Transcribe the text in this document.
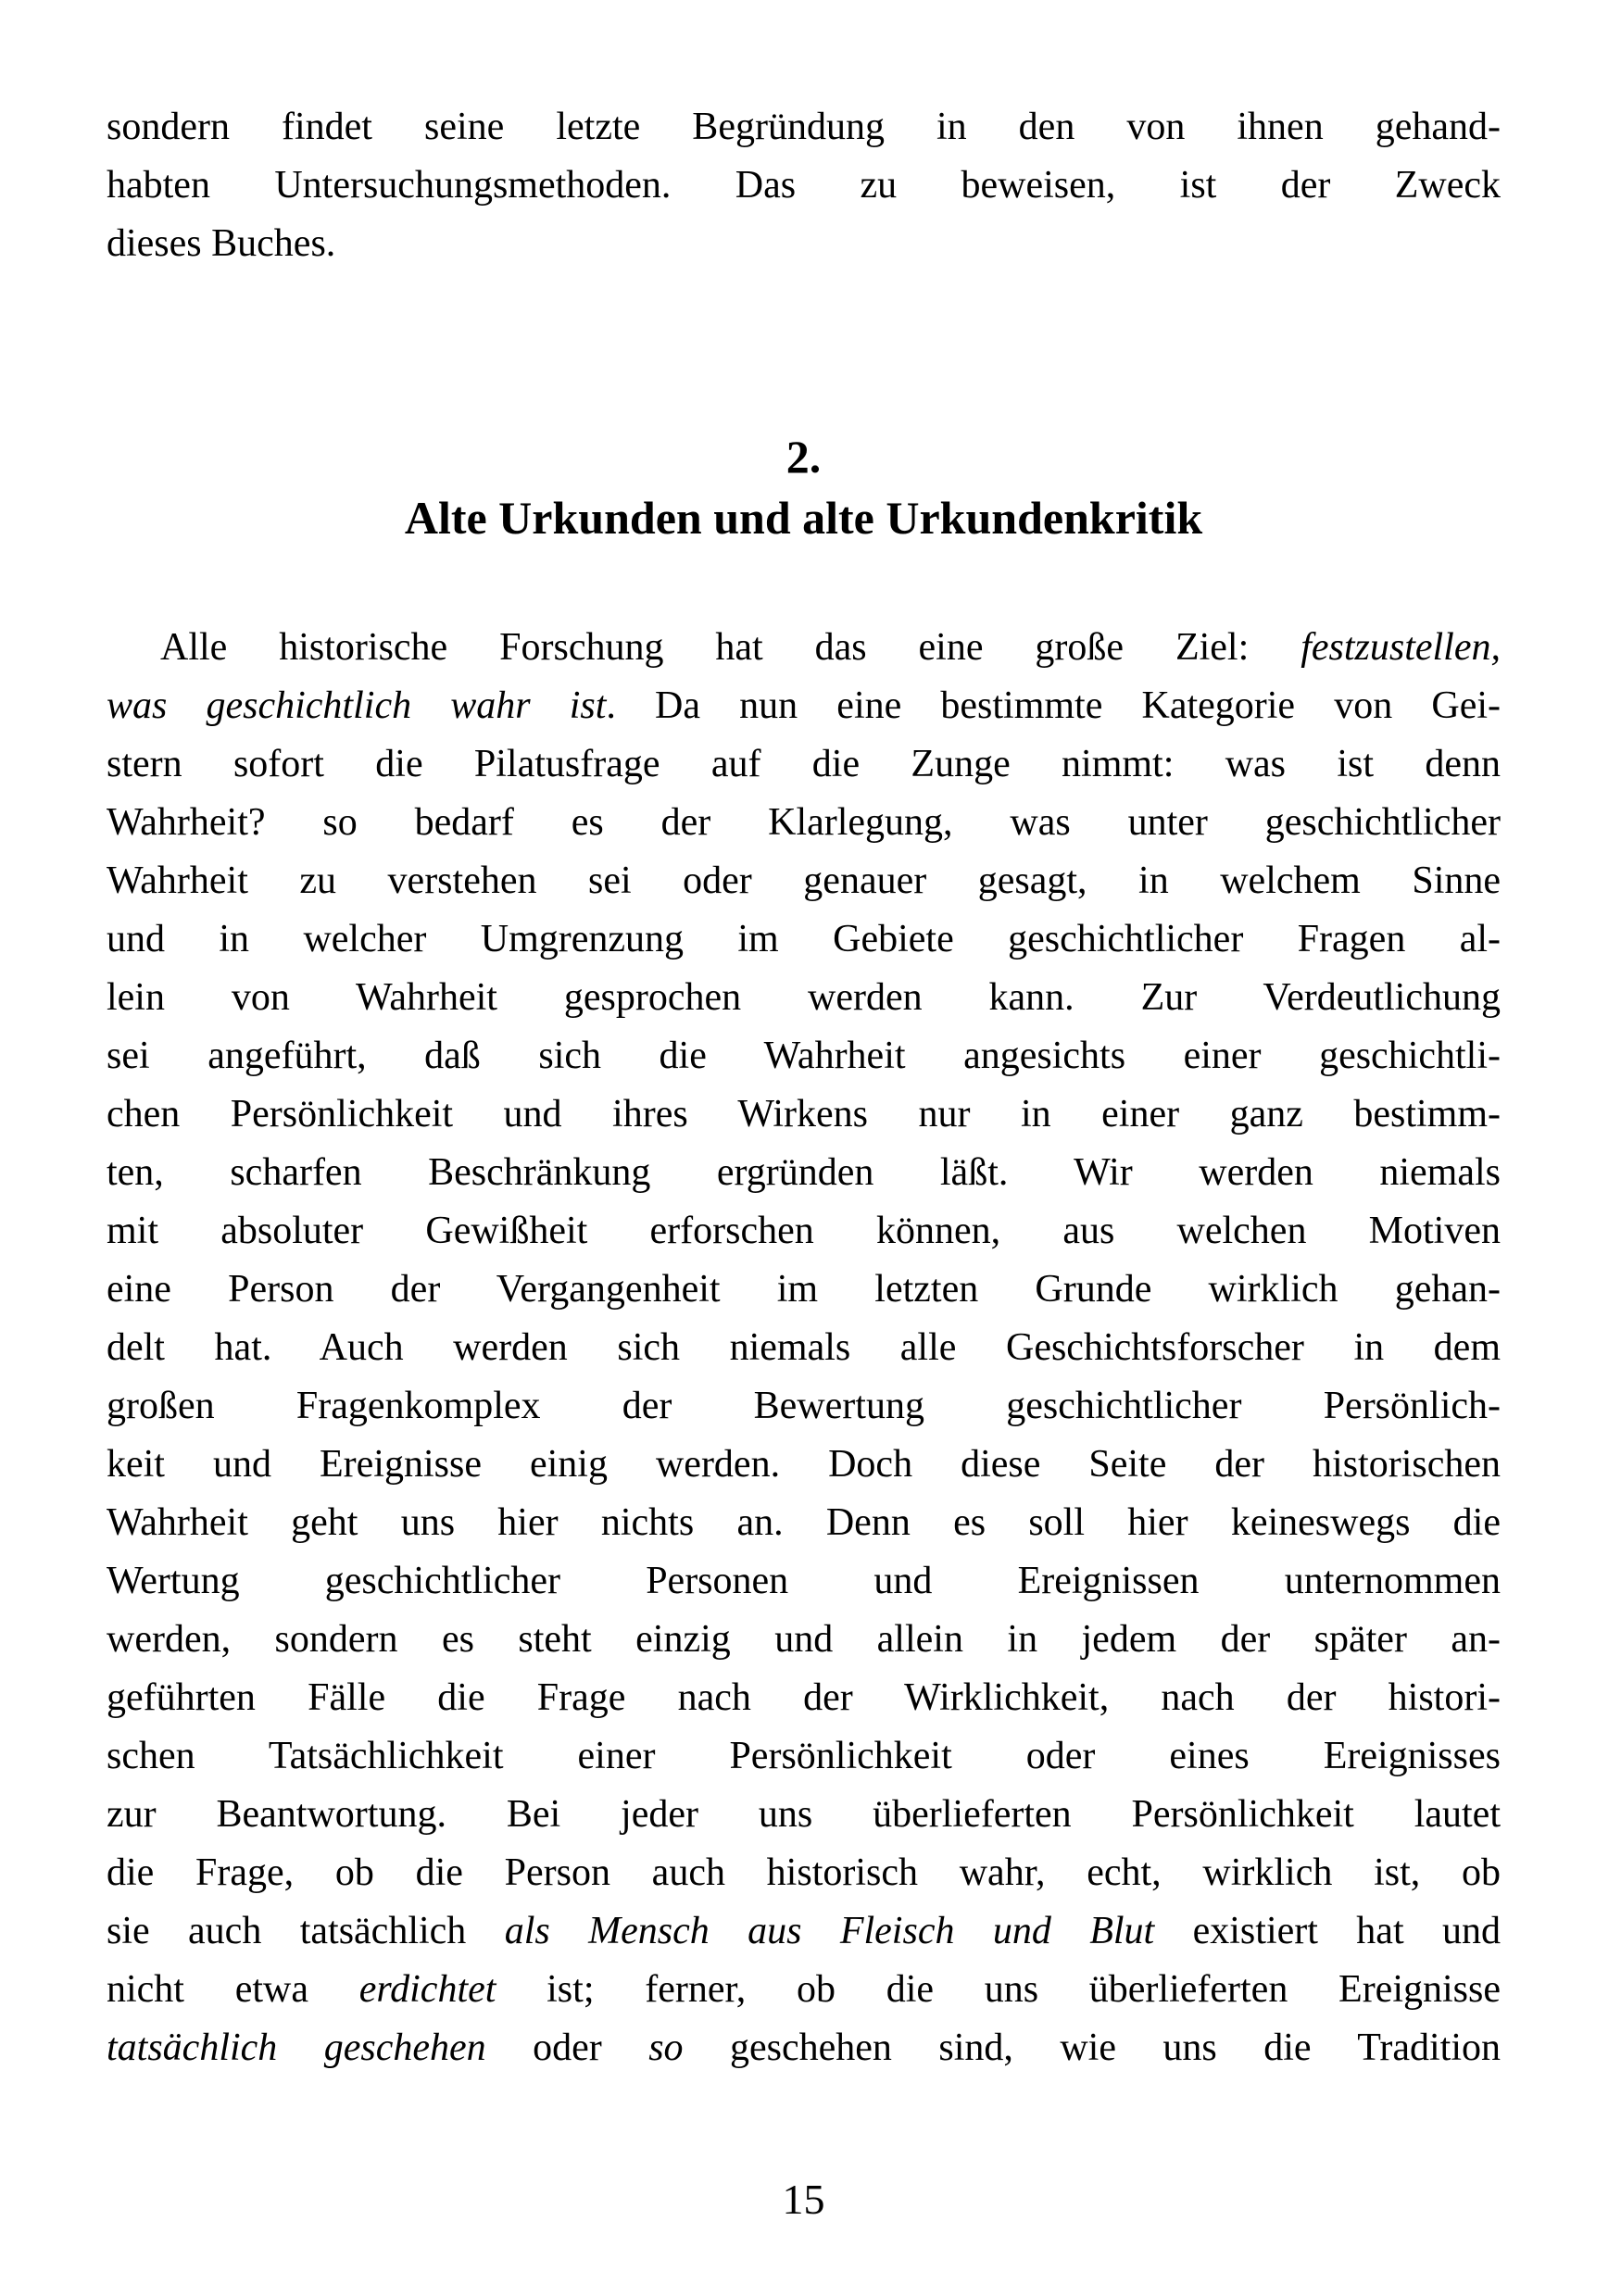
sondern findet seine letzte Begründung in den von ihnen gehand-
habten Untersuchungsmethoden. Das zu beweisen, ist der Zweck
dieses Buches.
2.
Alte Urkunden und alte Urkundenkritik
Alle historische Forschung hat das eine große Ziel: festzustellen,
was geschichtlich wahr ist. Da nun eine bestimmte Kategorie von Gei-
stern sofort die Pilatusfrage auf die Zunge nimmt: was ist denn
Wahrheit? so bedarf es der Klarlegung, was unter geschichtlicher
Wahrheit zu verstehen sei oder genauer gesagt, in welchem Sinne
und in welcher Umgrenzung im Gebiete geschichtlicher Fragen al-
lein von Wahrheit gesprochen werden kann. Zur Verdeutlichung
sei angeführt, daß sich die Wahrheit angesichts einer geschichtli-
chen Persönlichkeit und ihres Wirkens nur in einer ganz bestimm-
ten, scharfen Beschränkung ergründen läßt. Wir werden niemals
mit absoluter Gewißheit erforschen können, aus welchen Motiven
eine Person der Vergangenheit im letzten Grunde wirklich gehan-
delt hat. Auch werden sich niemals alle Geschichtsforscher in dem
großen Fragenkomplex der Bewertung geschichtlicher Persönlich-
keit und Ereignisse einig werden. Doch diese Seite der historischen
Wahrheit geht uns hier nichts an. Denn es soll hier keineswegs die
Wertung geschichtlicher Personen und Ereignissen unternommen
werden, sondern es steht einzig und allein in jedem der später an-
geführten Fälle die Frage nach der Wirklichkeit, nach der histori-
schen Tatsächlichkeit einer Persönlichkeit oder eines Ereignisses
zur Beantwortung. Bei jeder uns überlieferten Persönlichkeit lautet
die Frage, ob die Person auch historisch wahr, echt, wirklich ist, ob
sie auch tatsächlich als Mensch aus Fleisch und Blut existiert hat und
nicht etwa erdichtet ist; ferner, ob die uns überlieferten Ereignisse
tatsächlich geschehen oder so geschehen sind, wie uns die Tradition
15
